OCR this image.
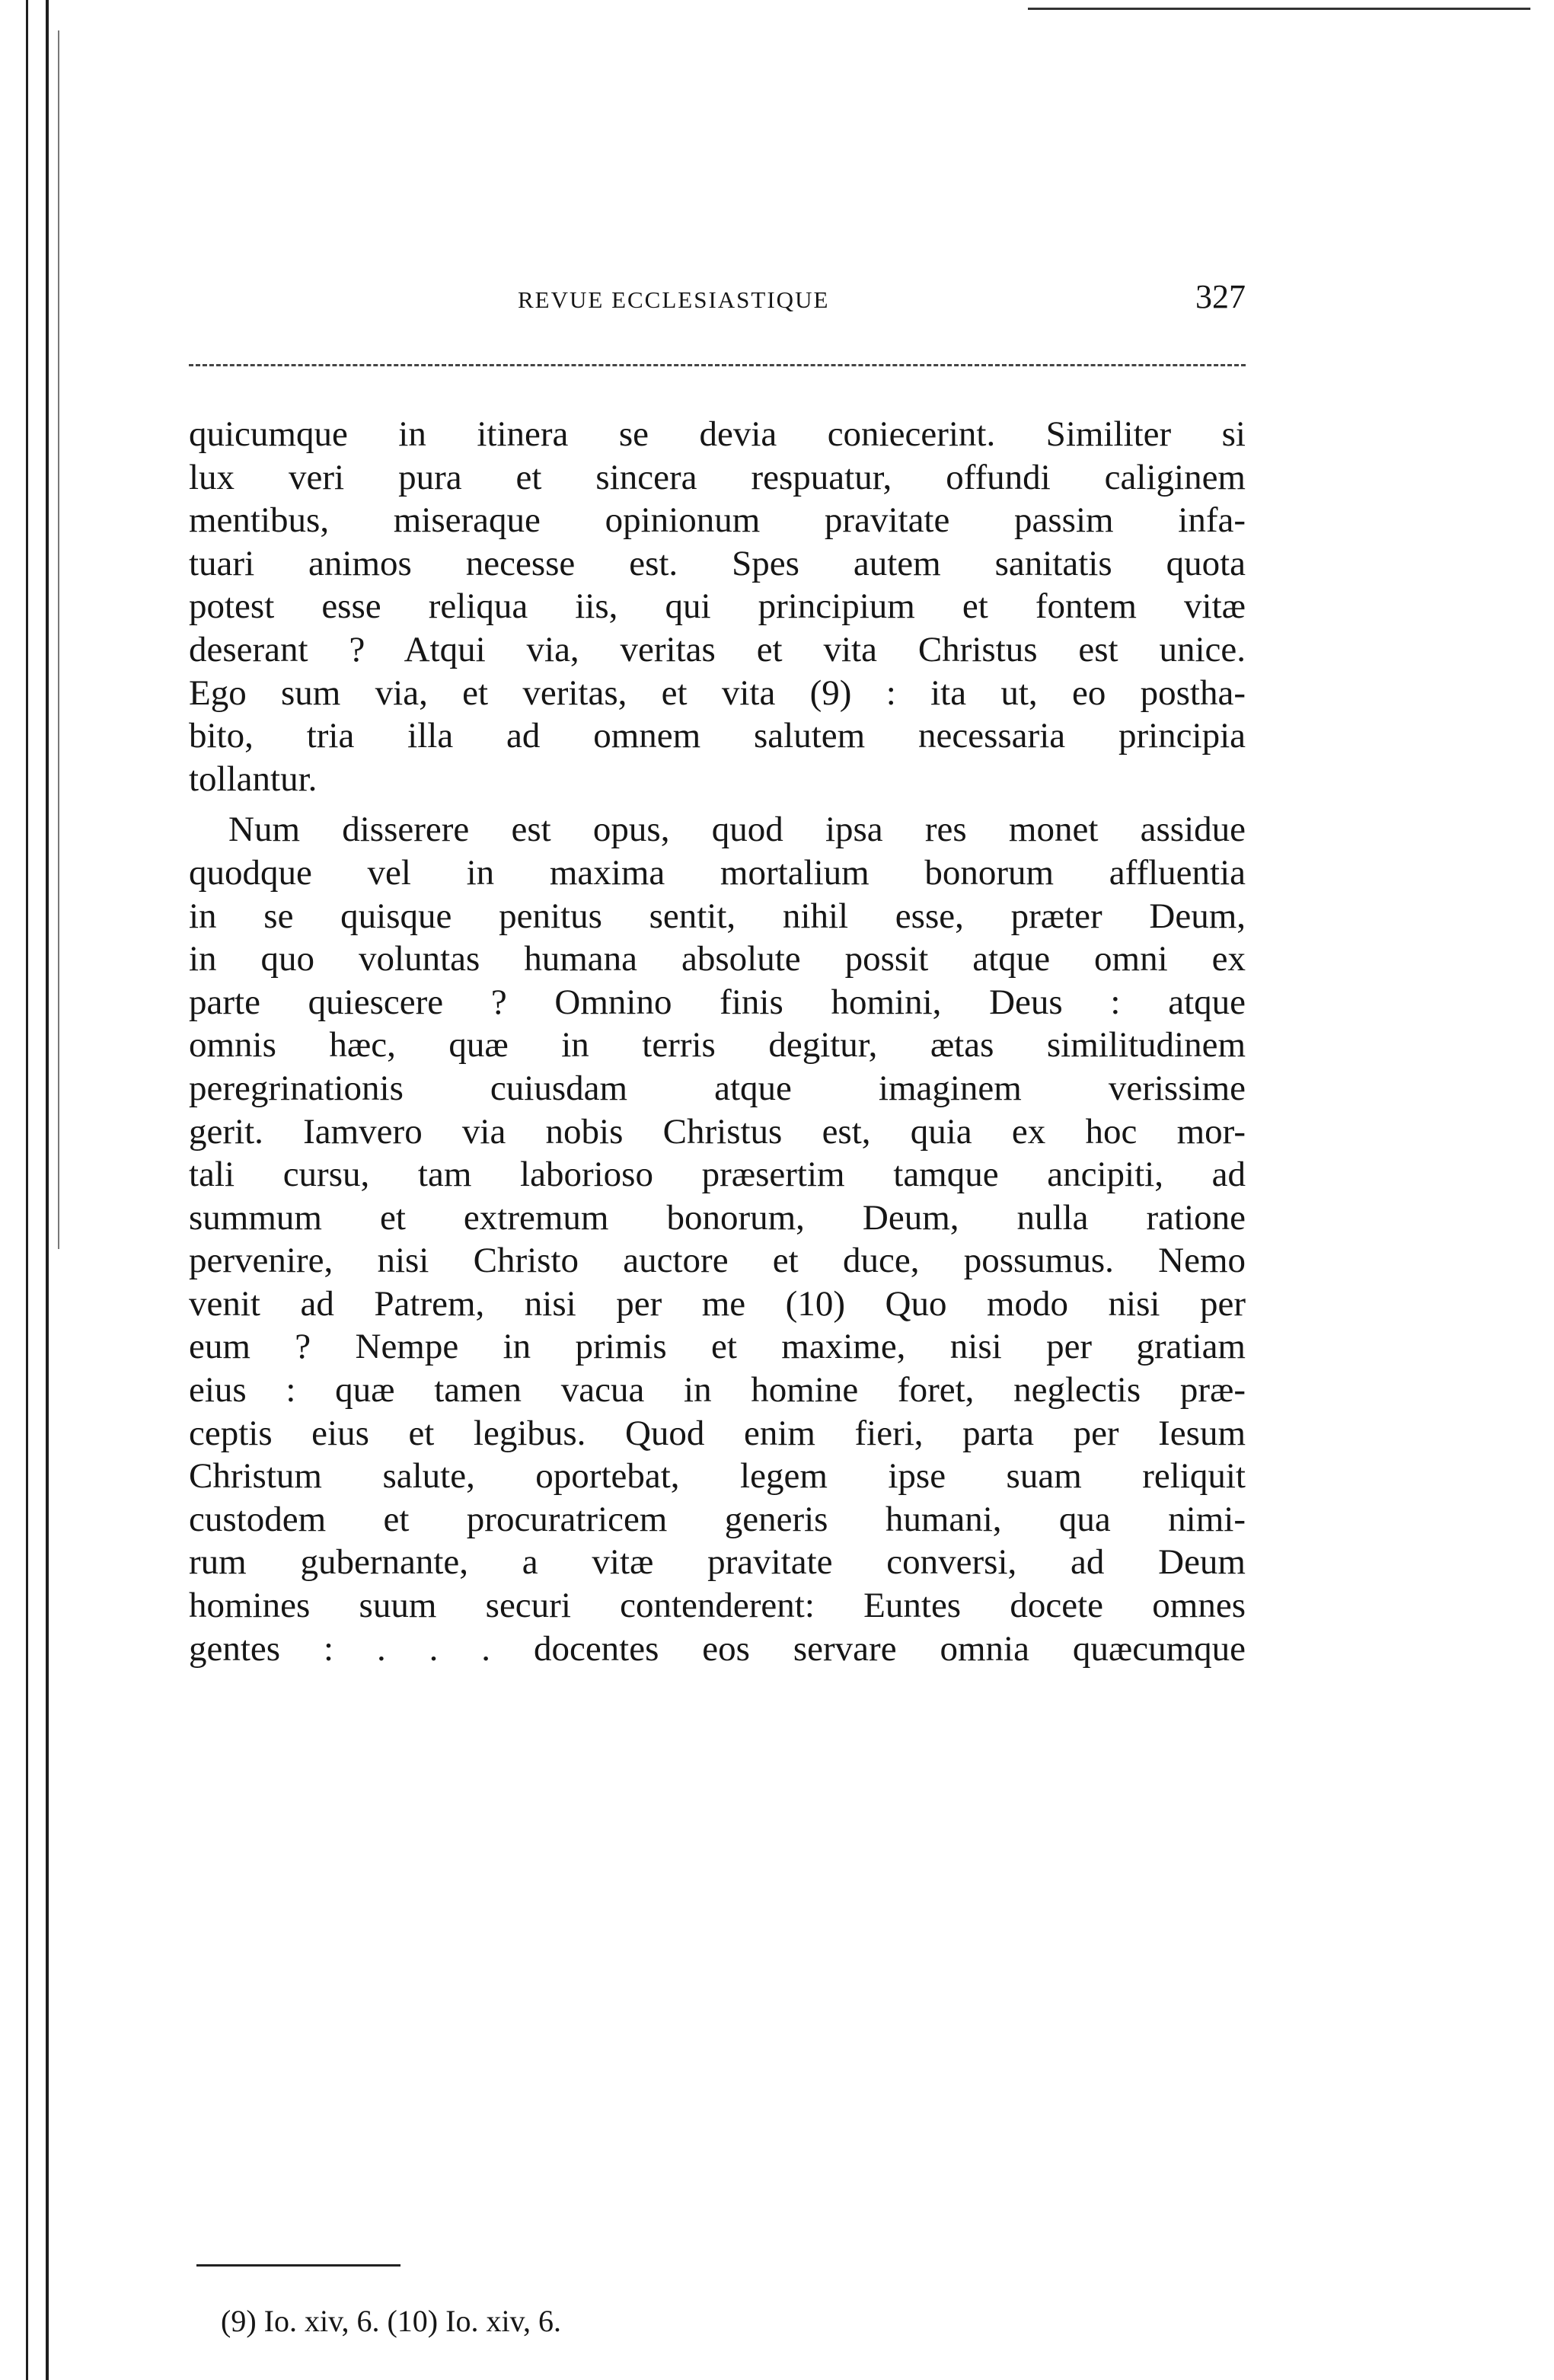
REVUE ECCLESIASTIQUE	327
quicumque in itinera se devia coniecerint. Similiter si
lux veri pura et sincera respuatur, offundi caliginem
mentibus, miseraque opinionum pravitate passim infa-
tuari animos necesse est. Spes autem sanitatis quota
potest esse reliqua iis, qui principium et fontem vitæ
deserant ? Atqui via, veritas et vita Christus est unice.
Ego sum via, et veritas, et vita (9) : ita ut, eo postha-
bito, tria illa ad omnem salutem necessaria principia
tollantur.
Num disserere est opus, quod ipsa res monet assidue
quodque vel in maxima mortalium bonorum affluentia
in se quisque penitus sentit, nihil esse, præter Deum,
in quo voluntas humana absolute possit atque omni ex
parte quiescere ? Omnino finis homini, Deus : atque
omnis hæc, quæ in terris degitur, ætas similitudinem
peregrinationis cuiusdam atque imaginem verissime
gerit. Iamvero via nobis Christus est, quia ex hoc mor-
tali cursu, tam laborioso præsertim tamque ancipiti, ad
summum et extremum bonorum, Deum, nulla ratione
pervenire, nisi Christo auctore et duce, possumus. Nemo
venit ad Patrem, nisi per me (10) Quo modo nisi per
eum ? Nempe in primis et maxime, nisi per gratiam
eius : quæ tamen vacua in homine foret, neglectis præ-
ceptis eius et legibus. Quod enim fieri, parta per Iesum
Christum salute, oportebat, legem ipse suam reliquit
custodem et procuratricem generis humani, qua nimi-
rum gubernante, a vitæ pravitate conversi, ad Deum
homines suum securi contenderent: Euntes docete omnes
gentes : . . . docentes eos servare omnia quæcumque
(9) Io. xiv, 6. (10) Io. xiv, 6.
